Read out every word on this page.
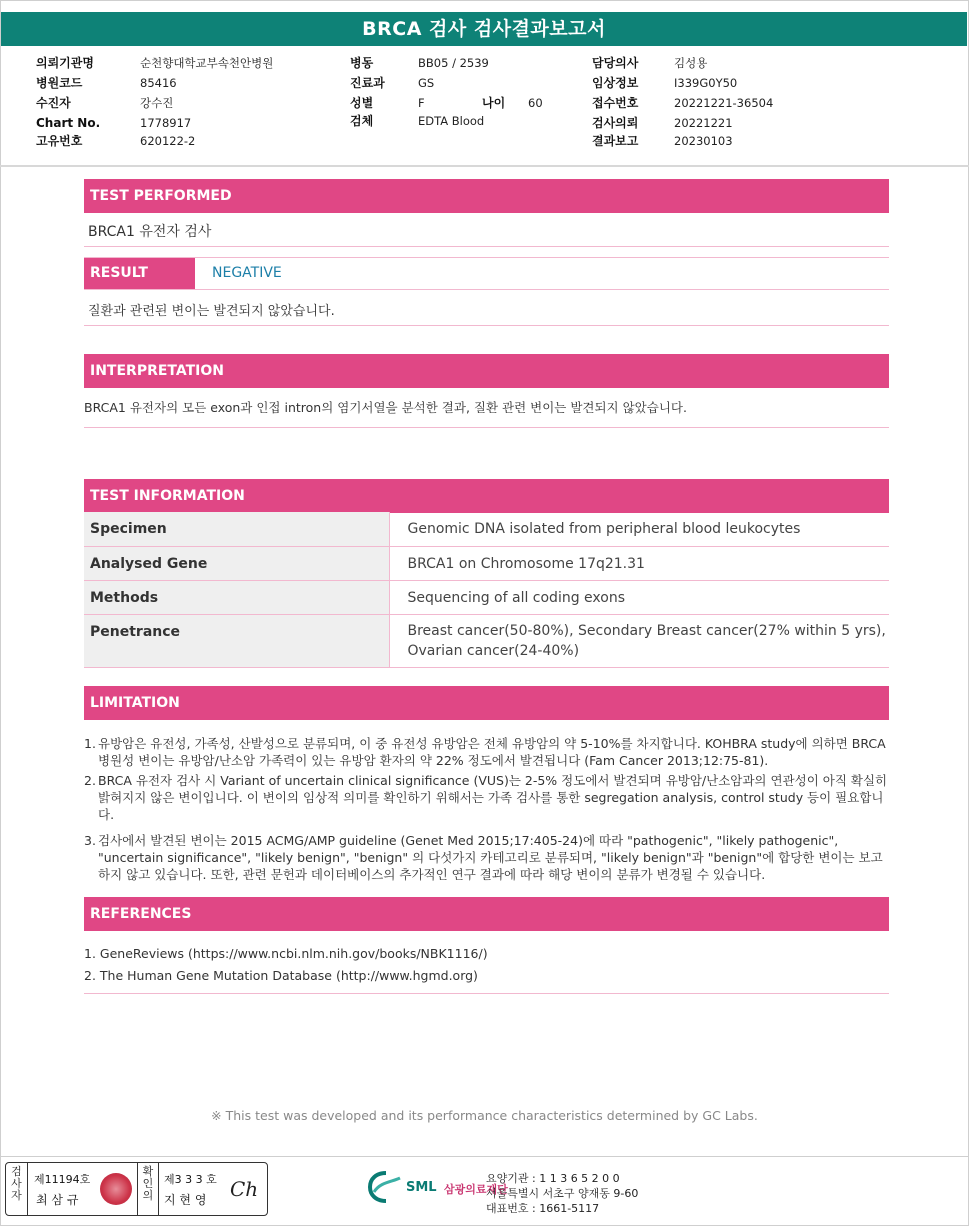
BRCA 검사 검사결과보고서
의뢰기관명	순천향대학교부속천안병원
병원코드	85416
수진자	강수진
Chart No.	1778917
고유번호	620122-2
병동	BB05 / 2539
진료과	GS
성별	F	나이 60
검체	EDTA Blood
담당의사	김성용
임상정보	I339G0Y50
접수번호	20221221-36504
검사의뢰	20221221
결과보고	20230103
TEST PERFORMED
BRCA1 유전자 검사
RESULT	NEGATIVE
질환과 관련된 변이는 발견되지 않았습니다.
INTERPRETATION
BRCA1 유전자의 모든 exon과 인접 intron의 염기서열을 분석한 결과, 질환 관련 변이는 발견되지 않았습니다.
TEST INFORMATION
Specimen	Genomic DNA isolated from peripheral blood leukocytes
Analysed Gene	BRCA1 on Chromosome 17q21.31
Methods	Sequencing of all coding exons
Penetrance	Breast cancer(50-80%), Secondary Breast cancer(27% within 5 yrs),
Ovarian cancer(24-40%)
LIMITATION
1. 유방암은 유전성, 가족성, 산발성으로 분류되며, 이 중 유전성 유방암은 전체 유방암의 약 5-10%를 차지합니다. KOHBRA study에 의하면 BRCA 병원성 변이는 유방암/난소암 가족력이 있는 유방암 환자의 약 22% 정도에서 발견됩니다 (Fam Cancer 2013;12:75-81).
2. BRCA 유전자 검사 시 Variant of uncertain clinical significance (VUS)는 2-5% 정도에서 발견되며 유방암/난소암과의 연관성이 아직 확실히 밝혀지지 않은 변이입니다. 이 변이의 임상적 의미를 확인하기 위해서는 가족 검사를 통한 segregation analysis, control study 등이 필요합니다.
3. 검사에서 발견된 변이는 2015 ACMG/AMP guideline (Genet Med 2015;17:405-24)에 따라 "pathogenic", "likely pathogenic", "uncertain significance", "likely benign", "benign" 의 다섯가지 카테고리로 분류되며, "likely benign"과 "benign"에 합당한 변이는 보고하지 않고 있습니다. 또한, 관련 문헌과 데이터베이스의 추가적인 연구 결과에 따라 해당 변이의 분류가 변경될 수 있습니다.
REFERENCES
1. GeneReviews (https://www.ncbi.nlm.nih.gov/books/NBK1116/)
2. The Human Gene Mutation Database (http://www.hgmd.org)
※ This test was developed and its performance characteristics determined by GC Labs.
검사자
제11194호
최 삼 규
확인의
제3 3 3 호
지 현 영 Ch	SML 삼광의료재단
요양기관 : 1 1 3 6 5 2 0 0
서울특별시 서초구 양재동 9-60
대표번호 : 1661-5117
